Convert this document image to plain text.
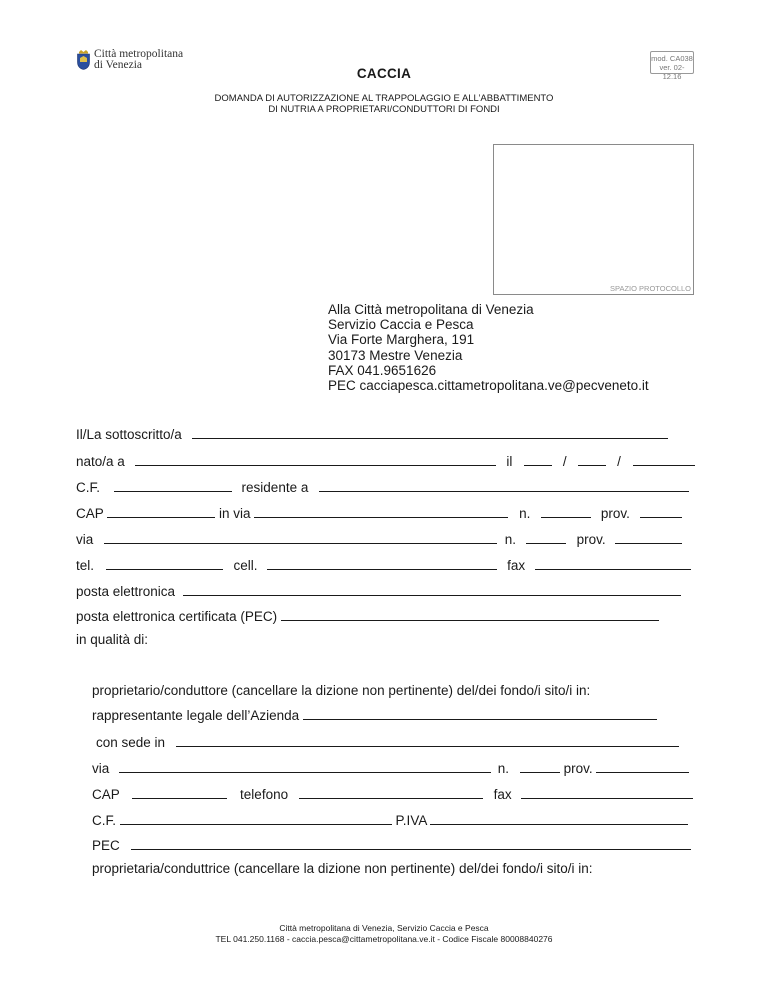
Città metropolitana
di Venezia
CACCIA
mod. CA038
ver. 02-12.16
DOMANDA DI AUTORIZZAZIONE AL TRAPPOLAGGIO E ALL’ABBATTIMENTO
DI NUTRIA A PROPRIETARI/CONDUTTORI DI FONDI
SPAZIO PROTOCOLLO
Alla Città metropolitana di Venezia
Servizio Caccia e Pesca
Via Forte Marghera, 191
30173 Mestre Venezia
FAX 041.9651626
PEC cacciapesca.cittametropolitana.ve@pecveneto.it
Il/La sottoscritto/a
nato/a a	il	/	/
C.F.	residente a
CAP	in via	n.	prov.
via	n.	prov.
tel.	cell.	fax
posta elettronica
posta elettronica certificata (PEC)
in qualità di:
proprietario/conduttore (cancellare la dizione non pertinente) del/dei fondo/i sito/i in:
rappresentante legale dell’Azienda
con sede in
via	n.	prov.
CAP	telefono	fax
C.F.	P.IVA
PEC
proprietaria/conduttrice (cancellare la dizione non pertinente) del/dei fondo/i sito/i in:
Città metropolitana di Venezia, Servizio Caccia e Pesca
TEL 041.250.1168 - caccia.pesca@cittametropolitana.ve.it - Codice Fiscale 80008840276
